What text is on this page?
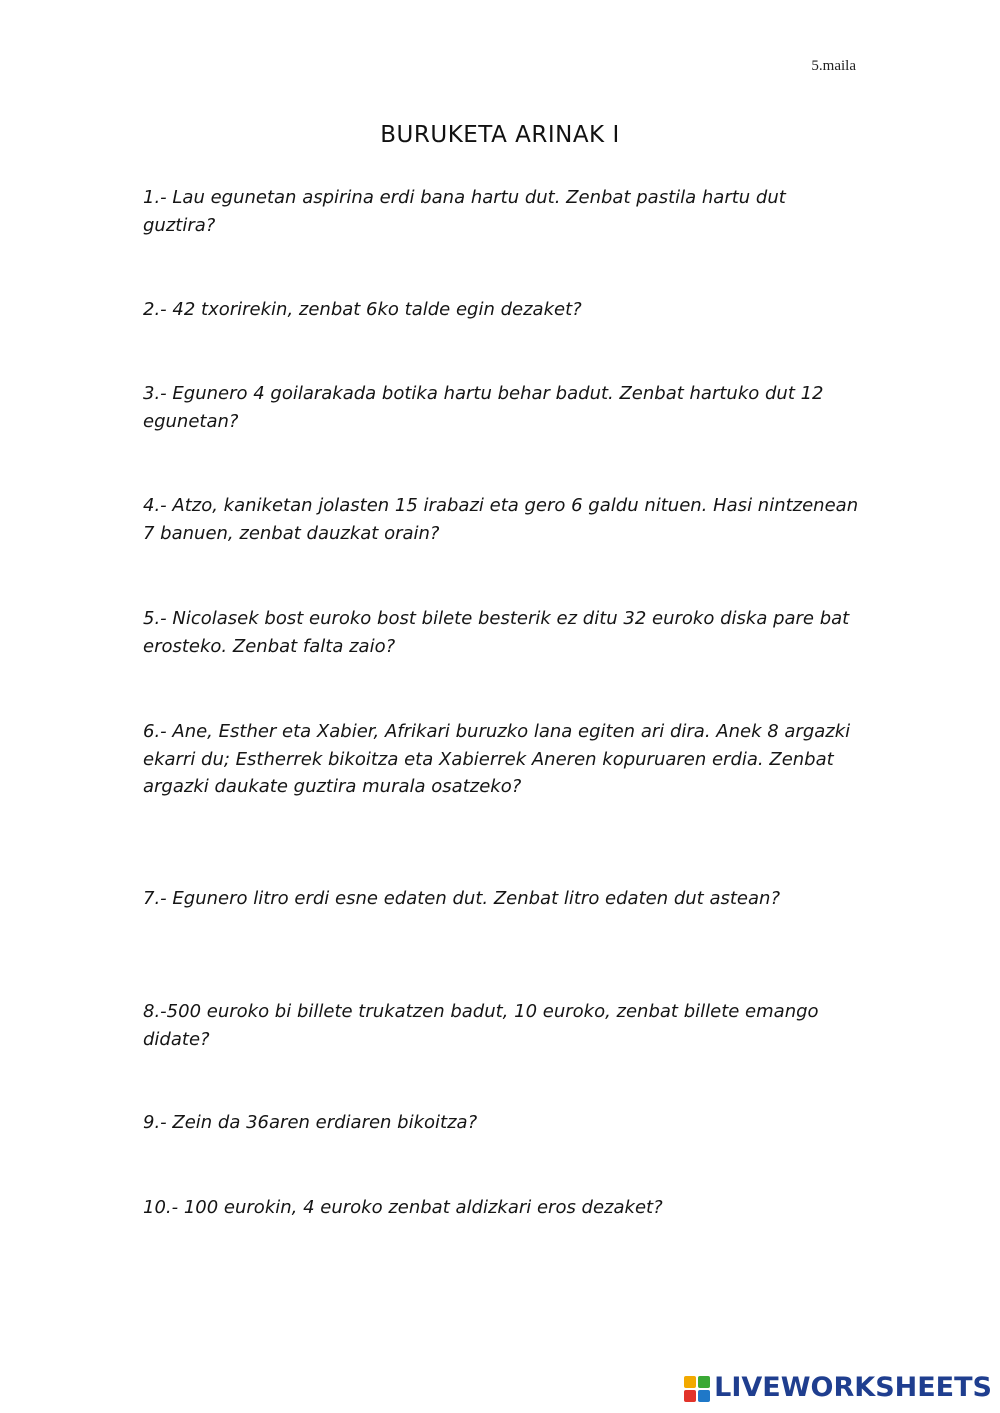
5.maila
BURUKETA ARINAK I

1.- Lau egunetan aspirina erdi bana hartu dut. Zenbat pastila hartu dut guztira?

2.- 42 txorirekin, zenbat 6ko talde egin dezaket?

3.- Egunero 4 goilarakada botika hartu behar badut. Zenbat hartuko dut 12 egunetan?

4.- Atzo, kaniketan jolasten 15 irabazi eta gero 6 galdu nituen. Hasi nintzenean 7 banuen, zenbat dauzkat orain?

5.- Nicolasek bost euroko bost bilete besterik ez ditu 32 euroko diska pare bat erosteko. Zenbat falta zaio?

6.- Ane, Esther eta Xabier, Afrikari buruzko lana egiten ari dira. Anek 8 argazki ekarri du; Estherrek bikoitza eta Xabierrek Aneren kopuruaren erdia. Zenbat argazki daukate guztira murala osatzeko?

7.- Egunero litro erdi esne edaten dut. Zenbat litro edaten dut astean?

8.-500 euroko bi billete trukatzen badut, 10 euroko, zenbat billete emango didate?

9.- Zein da 36aren erdiaren bikoitza?

10.- 100 eurokin, 4 euroko zenbat aldizkari eros dezaket?

LIVEWORKSHEETS
